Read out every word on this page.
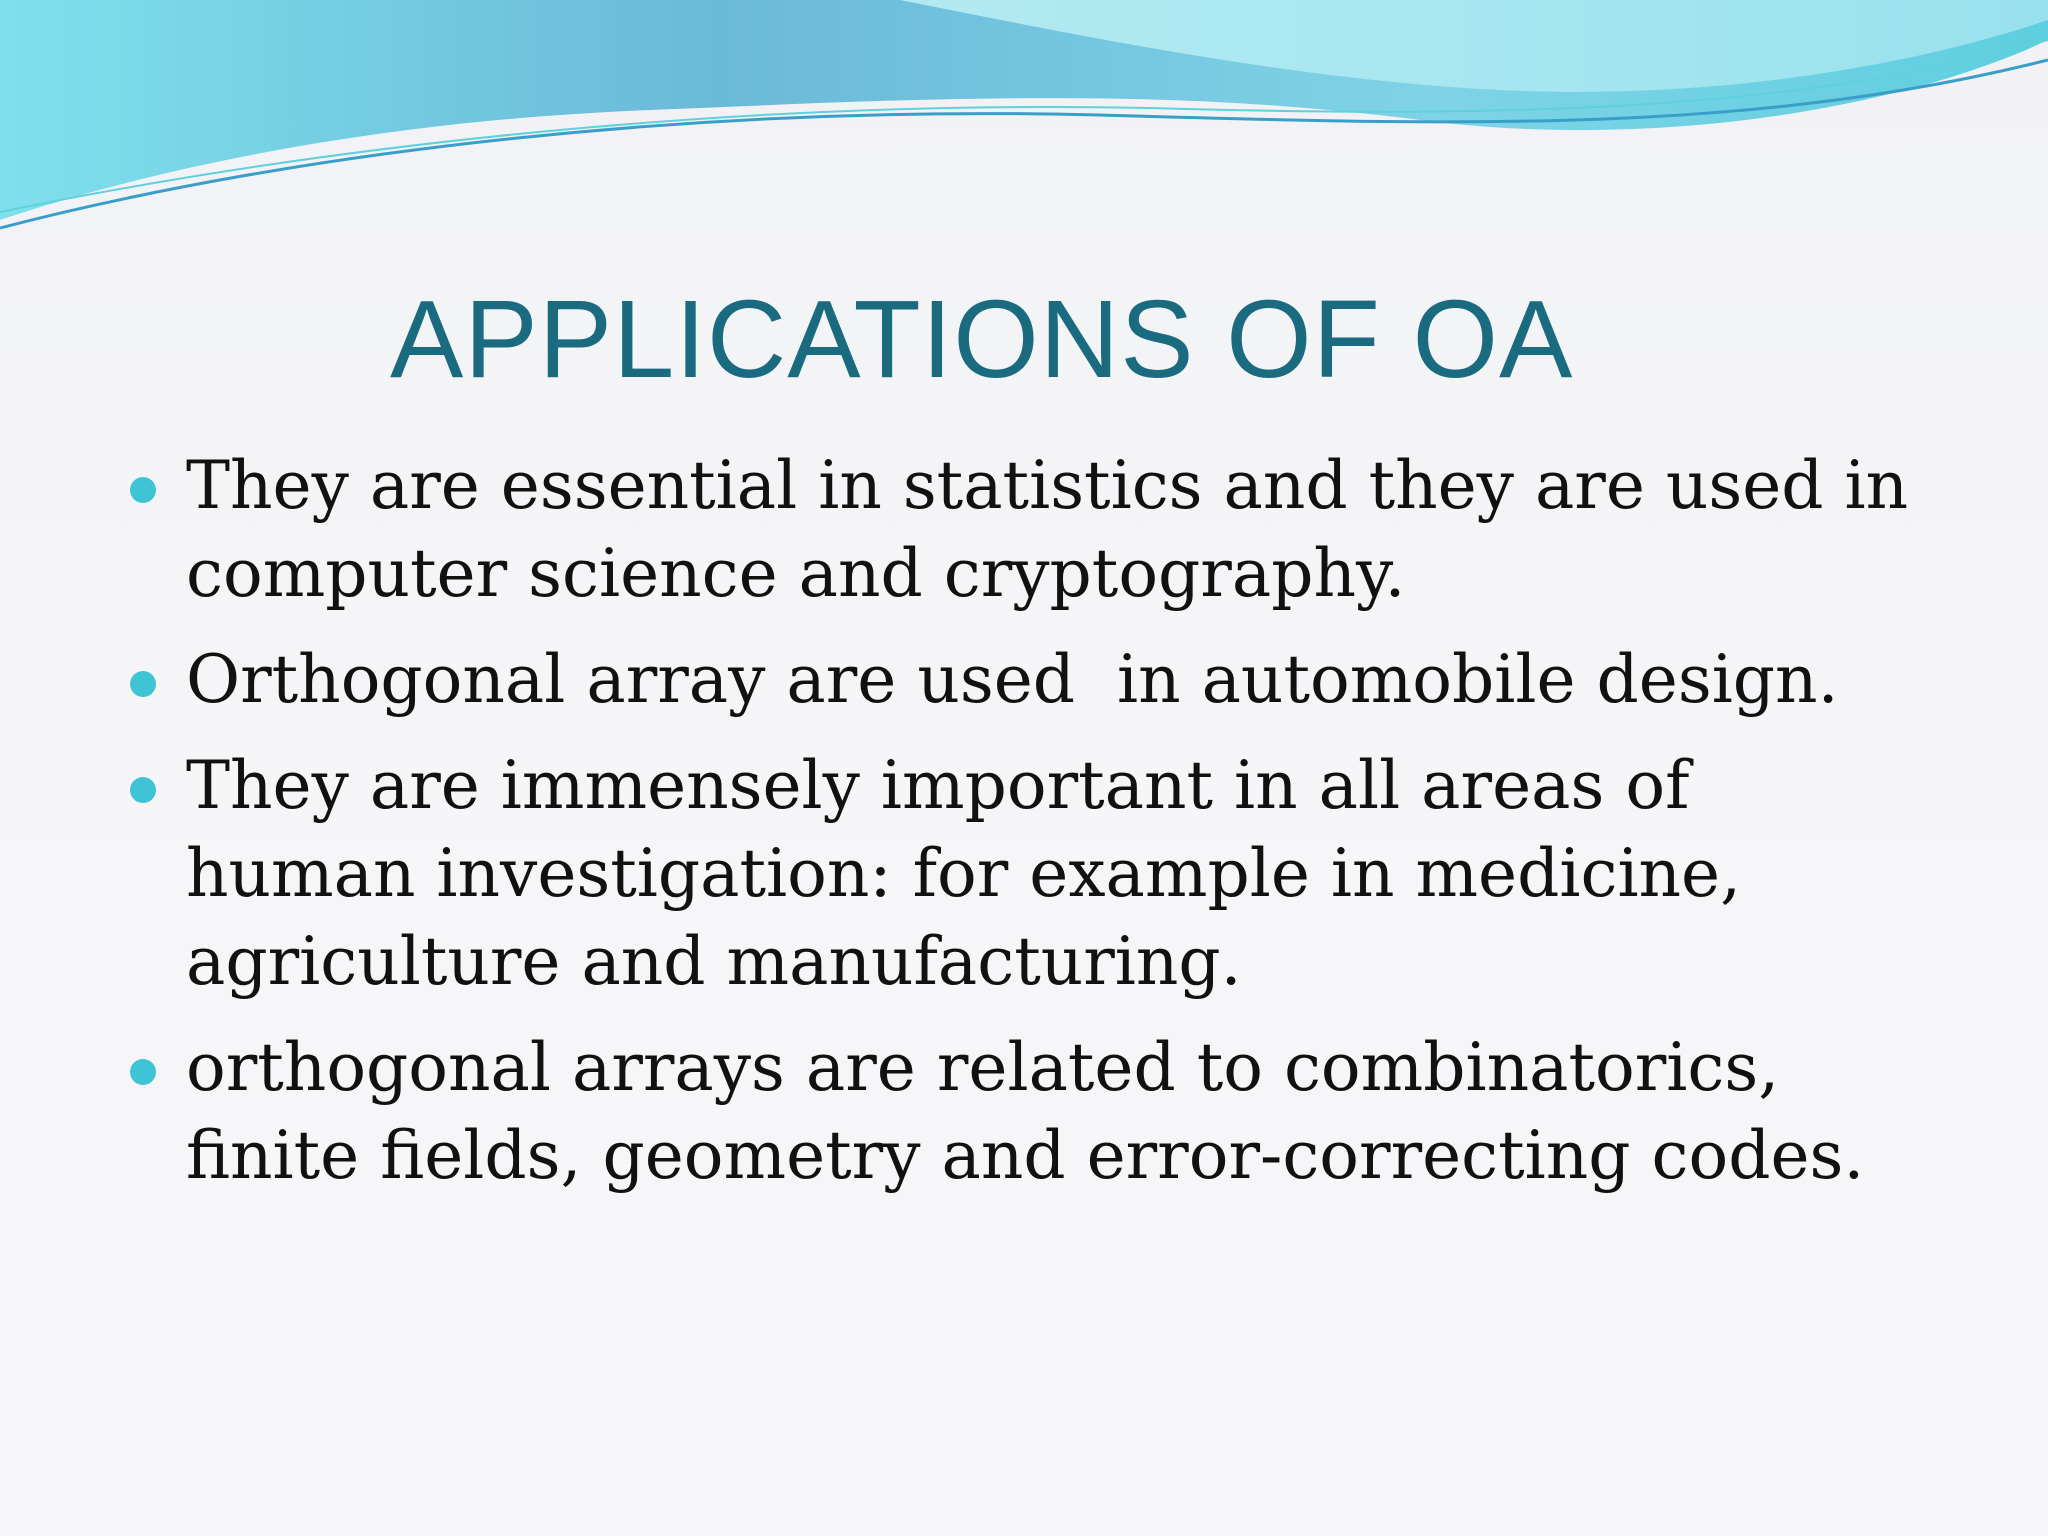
APPLICATIONS OF OA
They are essential in statistics and they are used in computer science and cryptography.
Orthogonal array are used  in automobile design.
They are immensely important in all areas of human investigation: for example in medicine, agriculture and manufacturing.
orthogonal arrays are related to combinatorics, finite fields, geometry and error-correcting codes.
